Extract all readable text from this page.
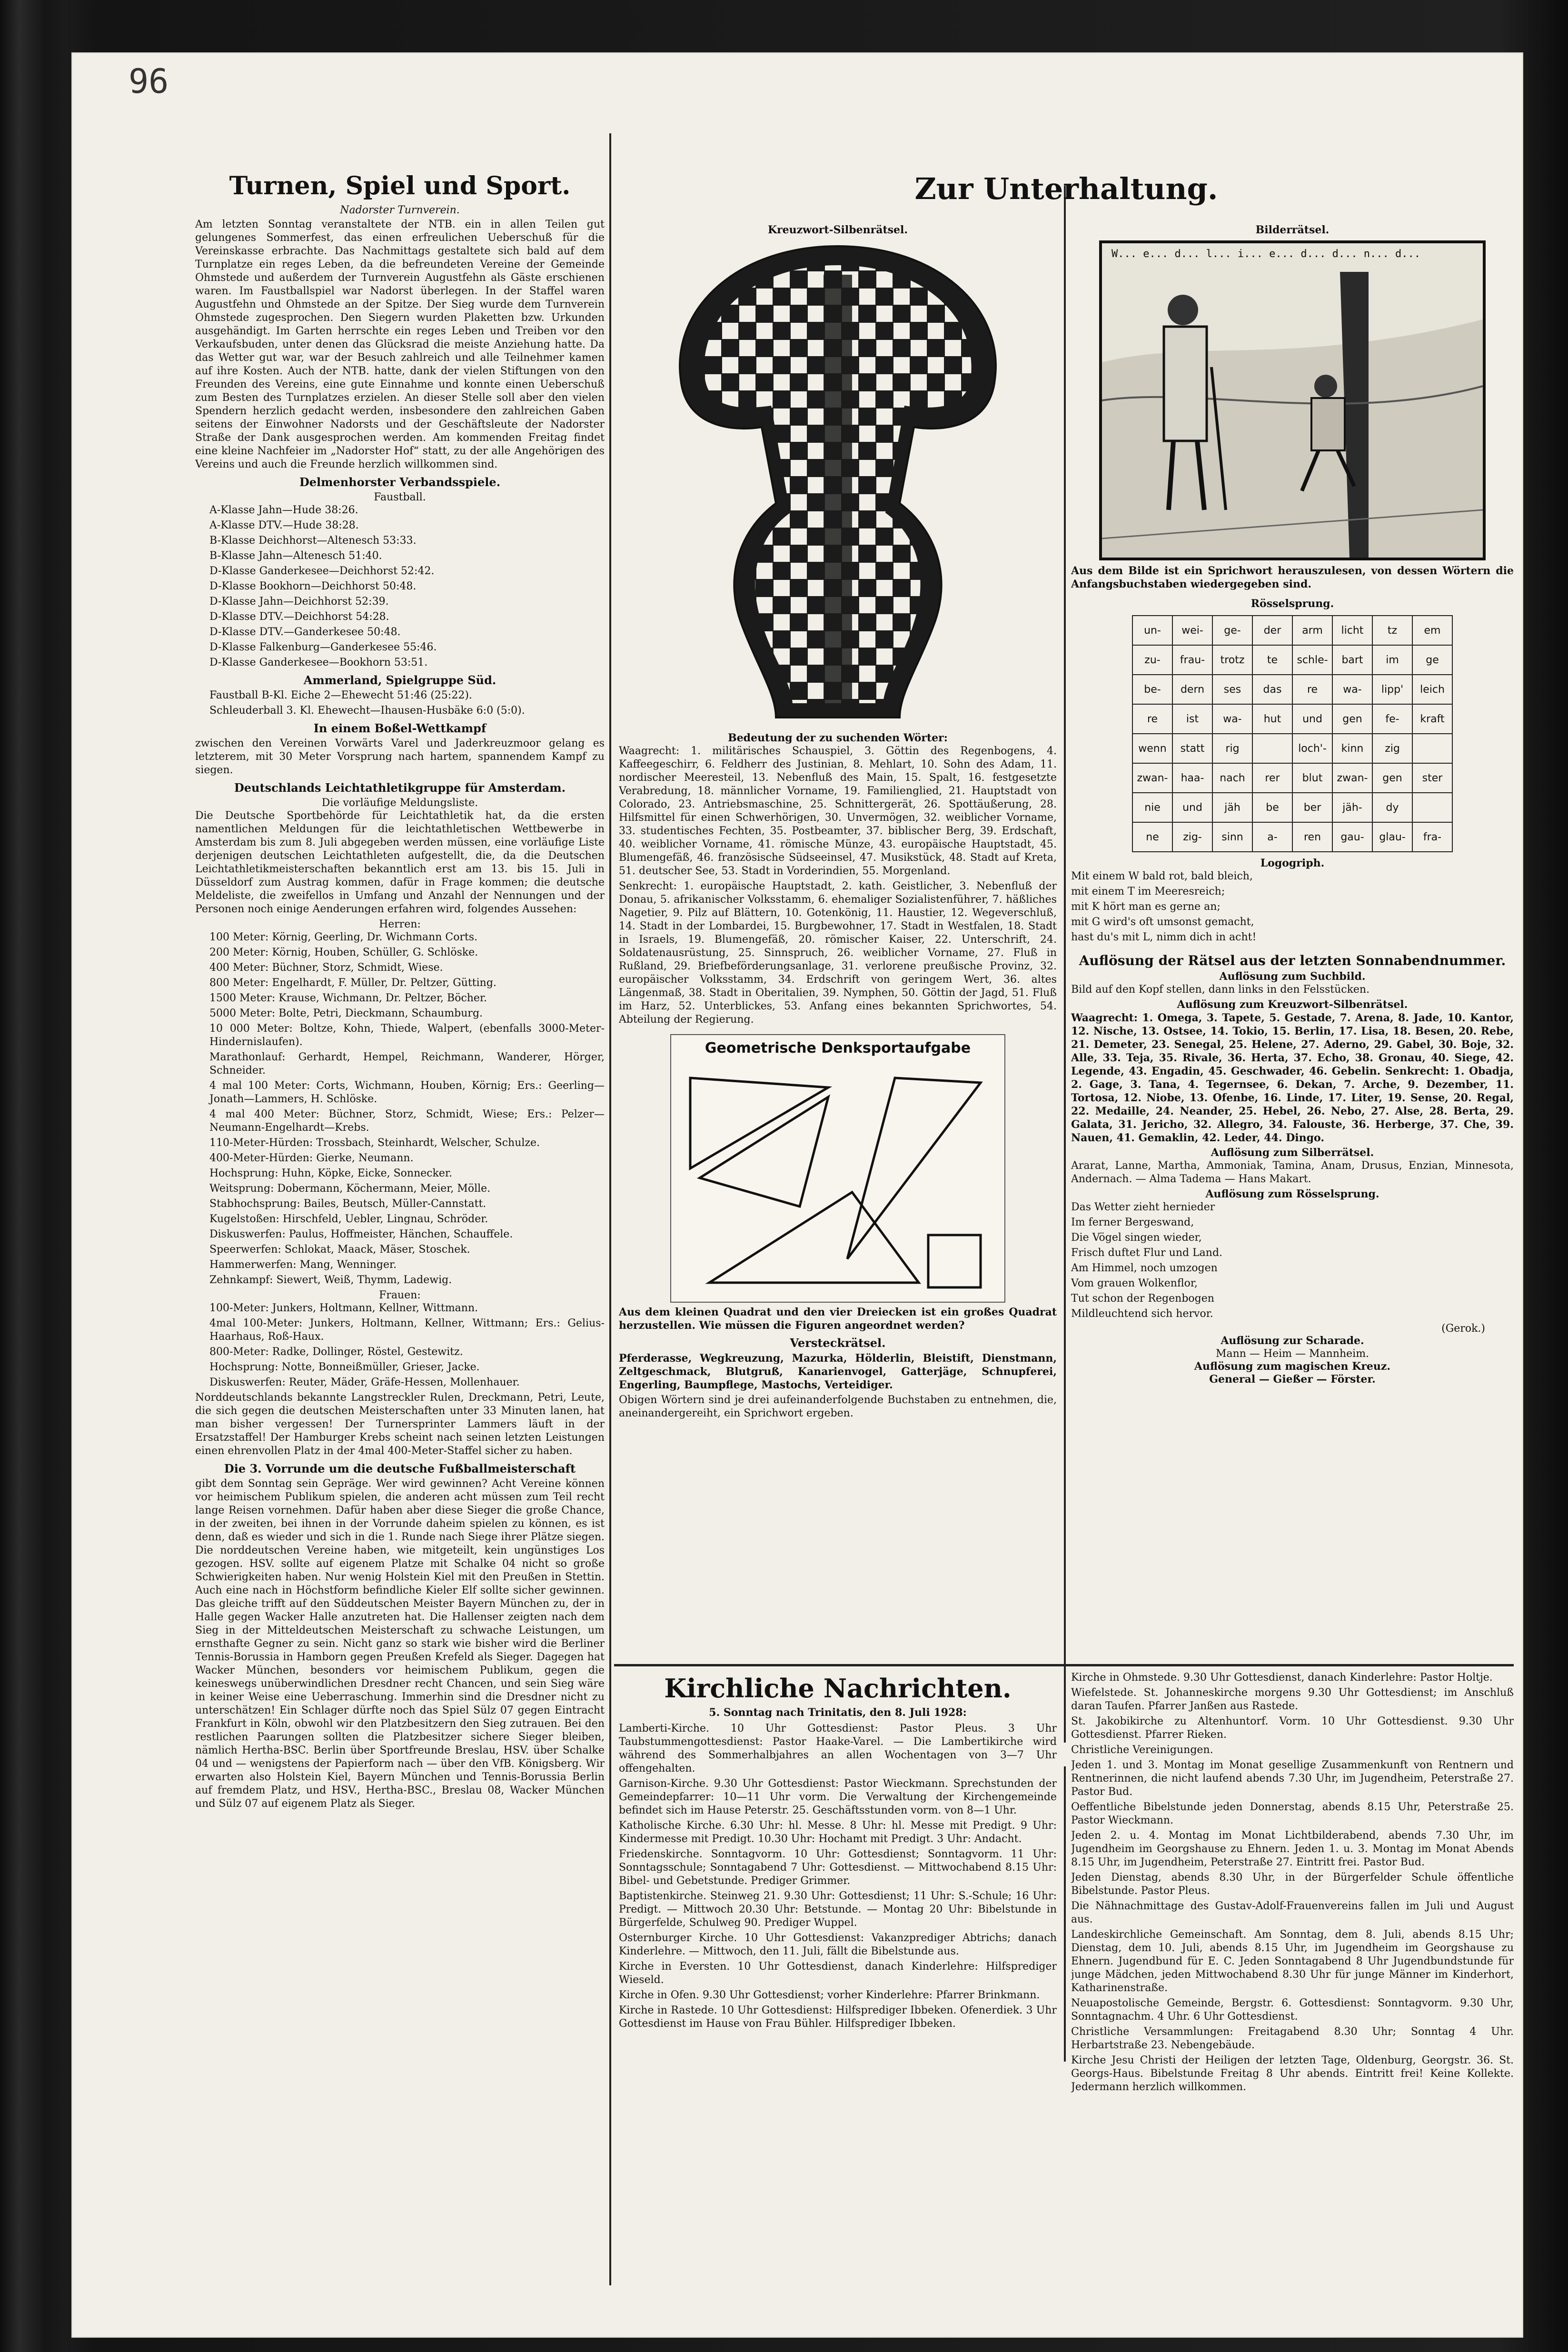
96
Turnen, Spiel und Sport.
Nadorster Turnverein.

Am letzten Sonntag veranstaltete der NTB. ein in allen Teilen gut gelungenes Sommerfest, das einen erfreulichen Ueberschuß für die Vereinskasse erbrachte. Das Nachmittags gestaltete sich bald auf dem Turnplatze ein reges Leben, da die befreundeten Vereine der Gemeinde Ohmstede und außerdem der Turnverein Augustfehn als Gäste erschienen waren. Im Faustballspiel war Nadorst überlegen. In der Staffel waren Augustfehn und Ohmstede an der Spitze. Der Sieg wurde dem Turnverein Ohmstede zugesprochen. Den Siegern wurden Plaketten bzw. Urkunden ausgehändigt. Im Garten herrschte ein reges Leben und Treiben vor den Verkaufsbuden, unter denen das Glücksrad die meiste Anziehung hatte. Da das Wetter gut war, war der Besuch zahlreich und alle Teilnehmer kamen auf ihre Kosten. Auch der NTB. hatte, dank der vielen Stiftungen von den Freunden des Vereins, eine gute Einnahme und konnte einen Ueberschuß zum Besten des Turnplatzes erzielen. An dieser Stelle soll aber den vielen Spendern herzlich gedacht werden, insbesondere den zahlreichen Gaben seitens der Einwohner Nadorsts und der Geschäftsleute der Nadorster Straße der Dank ausgesprochen werden. Am kommenden Freitag findet eine kleine Nachfeier im „Nadorster Hof“ statt, zu der alle Angehörigen des Vereins und auch die Freunde herzlich willkommen sind.

Delmenhorster Verbandsspiele.
Faustball.

A-Klasse Jahn—Hude 38:26.

A-Klasse DTV.—Hude 38:28.

B-Klasse Deichhorst—Altenesch 53:33.

B-Klasse Jahn—Altenesch 51:40.

D-Klasse Ganderkesee—Deichhorst 52:42.

D-Klasse Bookhorn—Deichhorst 50:48.

D-Klasse Jahn—Deichhorst 52:39.

D-Klasse DTV.—Deichhorst 54:28.

D-Klasse DTV.—Ganderkesee 50:48.

D-Klasse Falkenburg—Ganderkesee 55:46.

D-Klasse Ganderkesee—Bookhorn 53:51.

Ammerland, Spielgruppe Süd.

Faustball B-Kl. Eiche 2—Ehewecht 51:46 (25:22).

Schleuderball 3. Kl. Ehewecht—Ihausen-Husbäke 6:0 (5:0).

In einem Boßel-Wettkampf

zwischen den Vereinen Vorwärts Varel und Jaderkreuzmoor gelang es letzterem, mit 30 Meter Vorsprung nach hartem, spannendem Kampf zu siegen.

Deutschlands Leichtathletikgruppe für Amsterdam.
Die vorläufige Meldungsliste.

Die Deutsche Sportbehörde für Leichtathletik hat, da die ersten namentlichen Meldungen für die leichtathletischen Wettbewerbe in Amsterdam bis zum 8. Juli abgegeben werden müssen, eine vorläufige Liste derjenigen deutschen Leichtathleten aufgestellt, die, da die Deutschen Leichtathletikmeisterschaften bekanntlich erst am 13. bis 15. Juli in Düsseldorf zum Austrag kommen, dafür in Frage kommen; die deutsche Meldeliste, die zweifellos in Umfang und Anzahl der Nennungen und der Personen noch einige Aenderungen erfahren wird, folgendes Aussehen:

Herren:

100 Meter: Körnig, Geerling, Dr. Wichmann Corts.

200 Meter: Körnig, Houben, Schüller, G. Schlöske.

400 Meter: Büchner, Storz, Schmidt, Wiese.

800 Meter: Engelhardt, F. Müller, Dr. Peltzer, Gütting.

1500 Meter: Krause, Wichmann, Dr. Peltzer, Böcher.

5000 Meter: Bolte, Petri, Dieckmann, Schaumburg.

10 000 Meter: Boltze, Kohn, Thiede, Walpert, (ebenfalls 3000-Meter-Hindernislaufen).

Marathonlauf: Gerhardt, Hempel, Reichmann, Wanderer, Hörger, Schneider.

4 mal 100 Meter: Corts, Wichmann, Houben, Körnig; Ers.: Geerling—Jonath—Lammers, H. Schlöske.

4 mal 400 Meter: Büchner, Storz, Schmidt, Wiese; Ers.: Pelzer—Neumann-Engelhardt—Krebs.

110-Meter-Hürden: Trossbach, Steinhardt, Welscher, Schulze.

400-Meter-Hürden: Gierke, Neumann.

Hochsprung: Huhn, Köpke, Eicke, Sonnecker.

Weitsprung: Dobermann, Köchermann, Meier, Mölle.

Stabhochsprung: Bailes, Beutsch, Müller-Cannstatt.

Kugelstoßen: Hirschfeld, Uebler, Lingnau, Schröder.

Diskuswerfen: Paulus, Hoffmeister, Hänchen, Schauffele.

Speerwerfen: Schlokat, Maack, Mäser, Stoschek.

Hammerwerfen: Mang, Wenninger.

Zehnkampf: Siewert, Weiß, Thymm, Ladewig.

Frauen:

100-Meter: Junkers, Holtmann, Kellner, Wittmann.

4mal 100-Meter: Junkers, Holtmann, Kellner, Wittmann; Ers.: Gelius-Haarhaus, Roß-Haux.

800-Meter: Radke, Dollinger, Röstel, Gestewitz.

Hochsprung: Notte, Bonneißmüller, Grieser, Jacke.

Diskuswerfen: Reuter, Mäder, Gräfe-Hessen, Mollenhauer.

Norddeutschlands bekannte Langstreckler Rulen, Dreckmann, Petri, Leute, die sich gegen die deutschen Meisterschaften unter 33 Minuten lanen, hat man bisher vergessen! Der Turnersprinter Lammers läuft in der Ersatzstaffel! Der Hamburger Krebs scheint nach seinen letzten Leistungen einen ehrenvollen Platz in der 4mal 400-Meter-Staffel sicher zu haben.

Die 3. Vorrunde um die deutsche Fußballmeisterschaft

gibt dem Sonntag sein Gepräge. Wer wird gewinnen? Acht Vereine können vor heimischem Publikum spielen, die anderen acht müssen zum Teil recht lange Reisen vornehmen. Dafür haben aber diese Sieger die große Chance, in der zweiten, bei ihnen in der Vorrunde daheim spielen zu können, es ist denn, daß es wieder und sich in die 1. Runde nach Siege ihrer Plätze siegen. Die norddeutschen Vereine haben, wie mitgeteilt, kein ungünstiges Los gezogen. HSV. sollte auf eigenem Platze mit Schalke 04 nicht so große Schwierigkeiten haben. Nur wenig Holstein Kiel mit den Preußen in Stettin. Auch eine nach in Höchstform befindliche Kieler Elf sollte sicher gewinnen. Das gleiche trifft auf den Süddeutschen Meister Bayern München zu, der in Halle gegen Wacker Halle anzutreten hat. Die Hallenser zeigten nach dem Sieg in der Mitteldeutschen Meisterschaft zu schwache Leistungen, um ernsthafte Gegner zu sein. Nicht ganz so stark wie bisher wird die Berliner Tennis-Borussia in Hamborn gegen Preußen Krefeld als Sieger. Dagegen hat Wacker München, besonders vor heimischem Publikum, gegen die keineswegs unüberwindlichen Dresdner recht Chancen, und sein Sieg wäre in keiner Weise eine Ueberraschung. Immerhin sind die Dresdner nicht zu unterschätzen! Ein Schlager dürfte noch das Spiel Sülz 07 gegen Eintracht Frankfurt in Köln, obwohl wir den Platzbesitzern den Sieg zutrauen. Bei den restlichen Paarungen sollten die Platzbesitzer sichere Sieger bleiben, nämlich Hertha-BSC. Berlin über Sportfreunde Breslau, HSV. über Schalke 04 und — wenigstens der Papierform nach — über den VfB. Königsberg. Wir erwarten also Holstein Kiel, Bayern München und Tennis-Borussia Berlin auf fremdem Platz, und HSV., Hertha-BSC., Breslau 08, Wacker München und Sülz 07 auf eigenem Platz als Sieger.

Zur Unterhaltung.
Kreuzwort-Silbenrätsel.
Bedeutung der zu suchenden Wörter:

Waagrecht: 1. militärisches Schauspiel, 3. Göttin des Regenbogens, 4. Kaffeegeschirr, 6. Feldherr des Justinian, 8. Mehlart, 10. Sohn des Adam, 11. nordischer Meeresteil, 13. Nebenfluß des Main, 15. Spalt, 16. festgesetzte Verabredung, 18. männlicher Vorname, 19. Familienglied, 21. Hauptstadt von Colorado, 23. Antriebsmaschine, 25. Schnittergerät, 26. Spottäußerung, 28. Hilfsmittel für einen Schwerhörigen, 30. Unvermögen, 32. weiblicher Vorname, 33. studentisches Fechten, 35. Postbeamter, 37. biblischer Berg, 39. Erdschaft, 40. weiblicher Vorname, 41. römische Münze, 43. europäische Hauptstadt, 45. Blumengefäß, 46. französische Südseeinsel, 47. Musikstück, 48. Stadt auf Kreta, 51. deutscher See, 53. Stadt in Vorderindien, 55. Morgenland.

Senkrecht: 1. europäische Hauptstadt, 2. kath. Geistlicher, 3. Nebenfluß der Donau, 5. afrikanischer Volksstamm, 6. ehemaliger Sozialistenführer, 7. häßliches Nagetier, 9. Pilz auf Blättern, 10. Gotenkönig, 11. Haustier, 12. Wegeverschluß, 14. Stadt in der Lombardei, 15. Burgbewohner, 17. Stadt in Westfalen, 18. Stadt in Israels, 19. Blumengefäß, 20. römischer Kaiser, 22. Unterschrift, 24. Soldatenausrüstung, 25. Sinnspruch, 26. weiblicher Vorname, 27. Fluß in Rußland, 29. Briefbeförderungsanlage, 31. verlorene preußische Provinz, 32. europäischer Volksstamm, 34. Erdschrift von geringem Wert, 36. altes Längenmaß, 38. Stadt in Oberitalien, 39. Nymphen, 50. Göttin der Jagd, 51. Fluß im Harz, 52. Unterblickes, 53. Anfang eines bekannten Sprichwortes, 54. Abteilung der Regierung.

Geometrische Denksportaufgabe

Aus dem kleinen Quadrat und den vier Dreiecken ist ein großes Quadrat herzustellen. Wie müssen die Figuren angeordnet werden?

Versteckrätsel.

Pferderasse, Wegkreuzung, Mazurka, Hölderlin, Bleistift, Dienstmann, Zeltgeschmack, Blutgruß, Kanarienvogel, Gatterjäge, Schnupferei, Engerling, Baumpflege, Mastochs, Verteidiger.

Obigen Wörtern sind je drei aufeinanderfolgende Buchstaben zu entnehmen, die, aneinandergereiht, ein Sprichwort ergeben.

Bilderrätsel.
W... e... d... l... i... e... d... d... n... d...

Aus dem Bilde ist ein Sprichwort herauszulesen, von dessen Wörtern die Anfangsbuchstaben wiedergegeben sind.

Rösselsprung.
un-	wei-	ge-	der	arm	licht	tz	em
zu-	frau-	trotz	te	schle-	bart	im	ge
be-	dern	ses	das	re	wa-	lipp'	leich
re	ist	wa-	hut	und	gen	fe-	kraft
wenn	statt	rig		loch'-	kinn	zig	
zwan-	haa-	nach	rer	blut	zwan-	gen	ster
nie	und	jäh	be	ber	jäh-	dy	
ne	zig-	sinn	a-	ren	gau-	glau-	fra-
Logogriph.

Mit einem W bald rot, bald bleich,

mit einem T im Meeresreich;

mit K hört man es gerne an;

mit G wird's oft umsonst gemacht,

hast du's mit L, nimm dich in acht!

Auflösung der Rätsel aus der letzten Sonnabendnummer.
Auflösung zum Suchbild.

Bild auf den Kopf stellen, dann links in den Felsstücken.

Auflösung zum Kreuzwort-Silbenrätsel.

Waagrecht: 1. Omega, 3. Tapete, 5. Gestade, 7. Arena, 8. Jade, 10. Kantor, 12. Nische, 13. Ostsee, 14. Tokio, 15. Berlin, 17. Lisa, 18. Besen, 20. Rebe, 21. Demeter, 23. Senegal, 25. Helene, 27. Aderno, 29. Gabel, 30. Boje, 32. Alle, 33. Teja, 35. Rivale, 36. Herta, 37. Echo, 38. Gronau, 40. Siege, 42. Legende, 43. Engadin, 45. Geschwader, 46. Gebelin. Senkrecht: 1. Obadja, 2. Gage, 3. Tana, 4. Tegernsee, 6. Dekan, 7. Arche, 9. Dezember, 11. Tortosa, 12. Niobe, 13. Ofenbe, 16. Linde, 17. Liter, 19. Sense, 20. Regal, 22. Medaille, 24. Neander, 25. Hebel, 26. Nebo, 27. Alse, 28. Berta, 29. Galata, 31. Jericho, 32. Allegro, 34. Falouste, 36. Herberge, 37. Che, 39. Nauen, 41. Gemaklin, 42. Leder, 44. Dingo.

Auflösung zum Silberrätsel.

Ararat, Lanne, Martha, Ammoniak, Tamina, Anam, Drusus, Enzian, Minnesota, Andernach. — Alma Tadema — Hans Makart.

Auflösung zum Rösselsprung.

Das Wetter zieht hernieder

Im ferner Bergeswand,

Die Vögel singen wieder,

Frisch duftet Flur und Land.

Am Himmel, noch umzogen

Vom grauen Wolkenflor,

Tut schon der Regenbogen

Mildleuchtend sich hervor.

(Gerok.)
Auflösung zur Scharade.
Mann — Heim — Mannheim.
Auflösung zum magischen Kreuz.
General — Gießer — Förster.
Kirchliche Nachrichten.
5. Sonntag nach Trinitatis, den 8. Juli 1928:

Lamberti-Kirche. 10 Uhr Gottesdienst: Pastor Pleus. 3 Uhr Taubstummengottesdienst: Pastor Haake-Varel. — Die Lambertikirche wird während des Sommerhalbjahres an allen Wochentagen von 3—7 Uhr offengehalten.

Garnison-Kirche. 9.30 Uhr Gottesdienst: Pastor Wieckmann. Sprechstunden der Gemeindepfarrer: 10—11 Uhr vorm. Die Verwaltung der Kirchengemeinde befindet sich im Hause Peterstr. 25. Geschäftsstunden vorm. von 8—1 Uhr.

Katholische Kirche. 6.30 Uhr: hl. Messe. 8 Uhr: hl. Messe mit Predigt. 9 Uhr: Kindermesse mit Predigt. 10.30 Uhr: Hochamt mit Predigt. 3 Uhr: Andacht.

Friedenskirche. Sonntagvorm. 10 Uhr: Gottesdienst; Sonntagvorm. 11 Uhr: Sonntagsschule; Sonntagabend 7 Uhr: Gottesdienst. — Mittwochabend 8.15 Uhr: Bibel- und Gebetstunde. Prediger Grimmer.

Baptistenkirche. Steinweg 21. 9.30 Uhr: Gottesdienst; 11 Uhr: S.-Schule; 16 Uhr: Predigt. — Mittwoch 20.30 Uhr: Betstunde. — Montag 20 Uhr: Bibelstunde in Bürgerfelde, Schulweg 90. Prediger Wuppel.

Osternburger Kirche. 10 Uhr Gottesdienst: Vakanzprediger Abtrichs; danach Kinderlehre. — Mittwoch, den 11. Juli, fällt die Bibelstunde aus.

Kirche in Eversten. 10 Uhr Gottesdienst, danach Kinderlehre: Hilfsprediger Wieseld.

Kirche in Ofen. 9.30 Uhr Gottesdienst; vorher Kinderlehre: Pfarrer Brinkmann.

Kirche in Rastede. 10 Uhr Gottesdienst: Hilfsprediger Ibbeken. Ofenerdiek. 3 Uhr Gottesdienst im Hause von Frau Bühler. Hilfsprediger Ibbeken.

Kirche in Ohmstede. 9.30 Uhr Gottesdienst, danach Kinderlehre: Pastor Holtje.

Wiefelstede. St. Johanneskirche morgens 9.30 Uhr Gottesdienst; im Anschluß daran Taufen. Pfarrer Janßen aus Rastede.

St. Jakobikirche zu Altenhuntorf. Vorm. 10 Uhr Gottesdienst. 9.30 Uhr Gottesdienst. Pfarrer Rieken.

Christliche Vereinigungen.

Jeden 1. und 3. Montag im Monat gesellige Zusammenkunft von Rentnern und Rentnerinnen, die nicht laufend abends 7.30 Uhr, im Jugendheim, Peterstraße 27. Pastor Bud.

Oeffentliche Bibelstunde jeden Donnerstag, abends 8.15 Uhr, Peterstraße 25. Pastor Wieckmann.

Jeden 2. u. 4. Montag im Monat Lichtbilderabend, abends 7.30 Uhr, im Jugendheim im Georgshause zu Ehnern. Jeden 1. u. 3. Montag im Monat Abends 8.15 Uhr, im Jugendheim, Peterstraße 27. Eintritt frei. Pastor Bud.

Jeden Dienstag, abends 8.30 Uhr, in der Bürgerfelder Schule öffentliche Bibelstunde. Pastor Pleus.

Die Nähnachmittage des Gustav-Adolf-Frauenvereins fallen im Juli und August aus.

Landeskirchliche Gemeinschaft. Am Sonntag, dem 8. Juli, abends 8.15 Uhr; Dienstag, dem 10. Juli, abends 8.15 Uhr, im Jugendheim im Georgshause zu Ehnern. Jugendbund für E. C. Jeden Sonntagabend 8 Uhr Jugendbundstunde für junge Mädchen, jeden Mittwochabend 8.30 Uhr für junge Männer im Kinderhort, Katharinenstraße.

Neuapostolische Gemeinde, Bergstr. 6. Gottesdienst: Sonntagvorm. 9.30 Uhr, Sonntagnachm. 4 Uhr. 6 Uhr Gottesdienst.

Christliche Versammlungen: Freitagabend 8.30 Uhr; Sonntag 4 Uhr. Herbartstraße 23. Nebengebäude.

Kirche Jesu Christi der Heiligen der letzten Tage, Oldenburg, Georgstr. 36. St. Georgs-Haus. Bibelstunde Freitag 8 Uhr abends. Eintritt frei! Keine Kollekte. Jedermann herzlich willkommen.
